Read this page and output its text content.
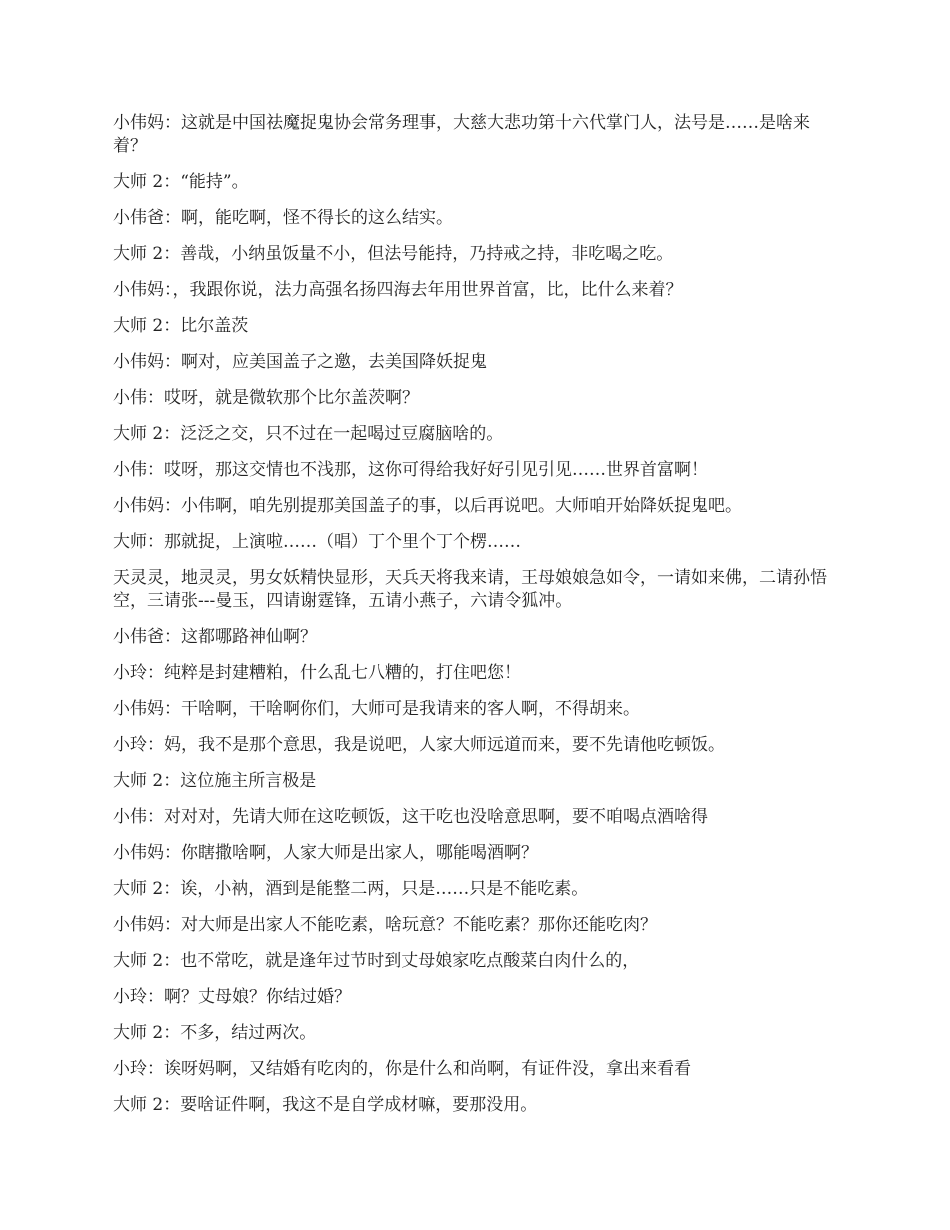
小伟妈：这就是中国祛魔捉鬼协会常务理事，大慈大悲功第十六代掌门人，法号是……是啥来着？

大师 2：“能持”。

小伟爸：啊，能吃啊，怪不得长的这么结实。

大师 2：善哉，小纳虽饭量不小，但法号能持，乃持戒之持，非吃喝之吃。

小伟妈：，我跟你说，法力高强名扬四海去年用世界首富，比，比什么来着？

大师 2：比尔盖茨

小伟妈：啊对，应美国盖子之邀，去美国降妖捉鬼

小伟：哎呀，就是微软那个比尔盖茨啊？

大师 2：泛泛之交，只不过在一起喝过豆腐脑啥的。

小伟：哎呀，那这交情也不浅那，这你可得给我好好引见引见……世界首富啊！

小伟妈：小伟啊，咱先别提那美国盖子的事，以后再说吧。大师咱开始降妖捉鬼吧。

大师：那就捉，上演啦……（唱）丁个里个丁个楞……

天灵灵，地灵灵，男女妖精快显形，天兵天将我来请，王母娘娘急如令，一请如来佛，二请孙悟空，三请张---曼玉，四请谢霆锋，五请小燕子，六请令狐冲。

小伟爸：这都哪路神仙啊？

小玲：纯粹是封建糟粕，什么乱七八糟的，打住吧您！

小伟妈：干啥啊，干啥啊你们，大师可是我请来的客人啊，不得胡来。

小玲：妈，我不是那个意思，我是说吧，人家大师远道而来，要不先请他吃顿饭。

大师 2：这位施主所言极是

小伟：对对对，先请大师在这吃顿饭，这干吃也没啥意思啊，要不咱喝点酒啥得

小伟妈：你瞎撒啥啊，人家大师是出家人，哪能喝酒啊？

大师 2：诶，小衲，酒到是能整二两，只是……只是不能吃素。

小伟妈：对大师是出家人不能吃素，啥玩意？不能吃素？那你还能吃肉？

大师 2：也不常吃，就是逢年过节时到丈母娘家吃点酸菜白肉什么的，

小玲：啊？丈母娘？你结过婚？

大师 2：不多，结过两次。

小玲：诶呀妈啊，又结婚有吃肉的，你是什么和尚啊，有证件没，拿出来看看

大师 2：要啥证件啊，我这不是自学成材嘛，要那没用。
